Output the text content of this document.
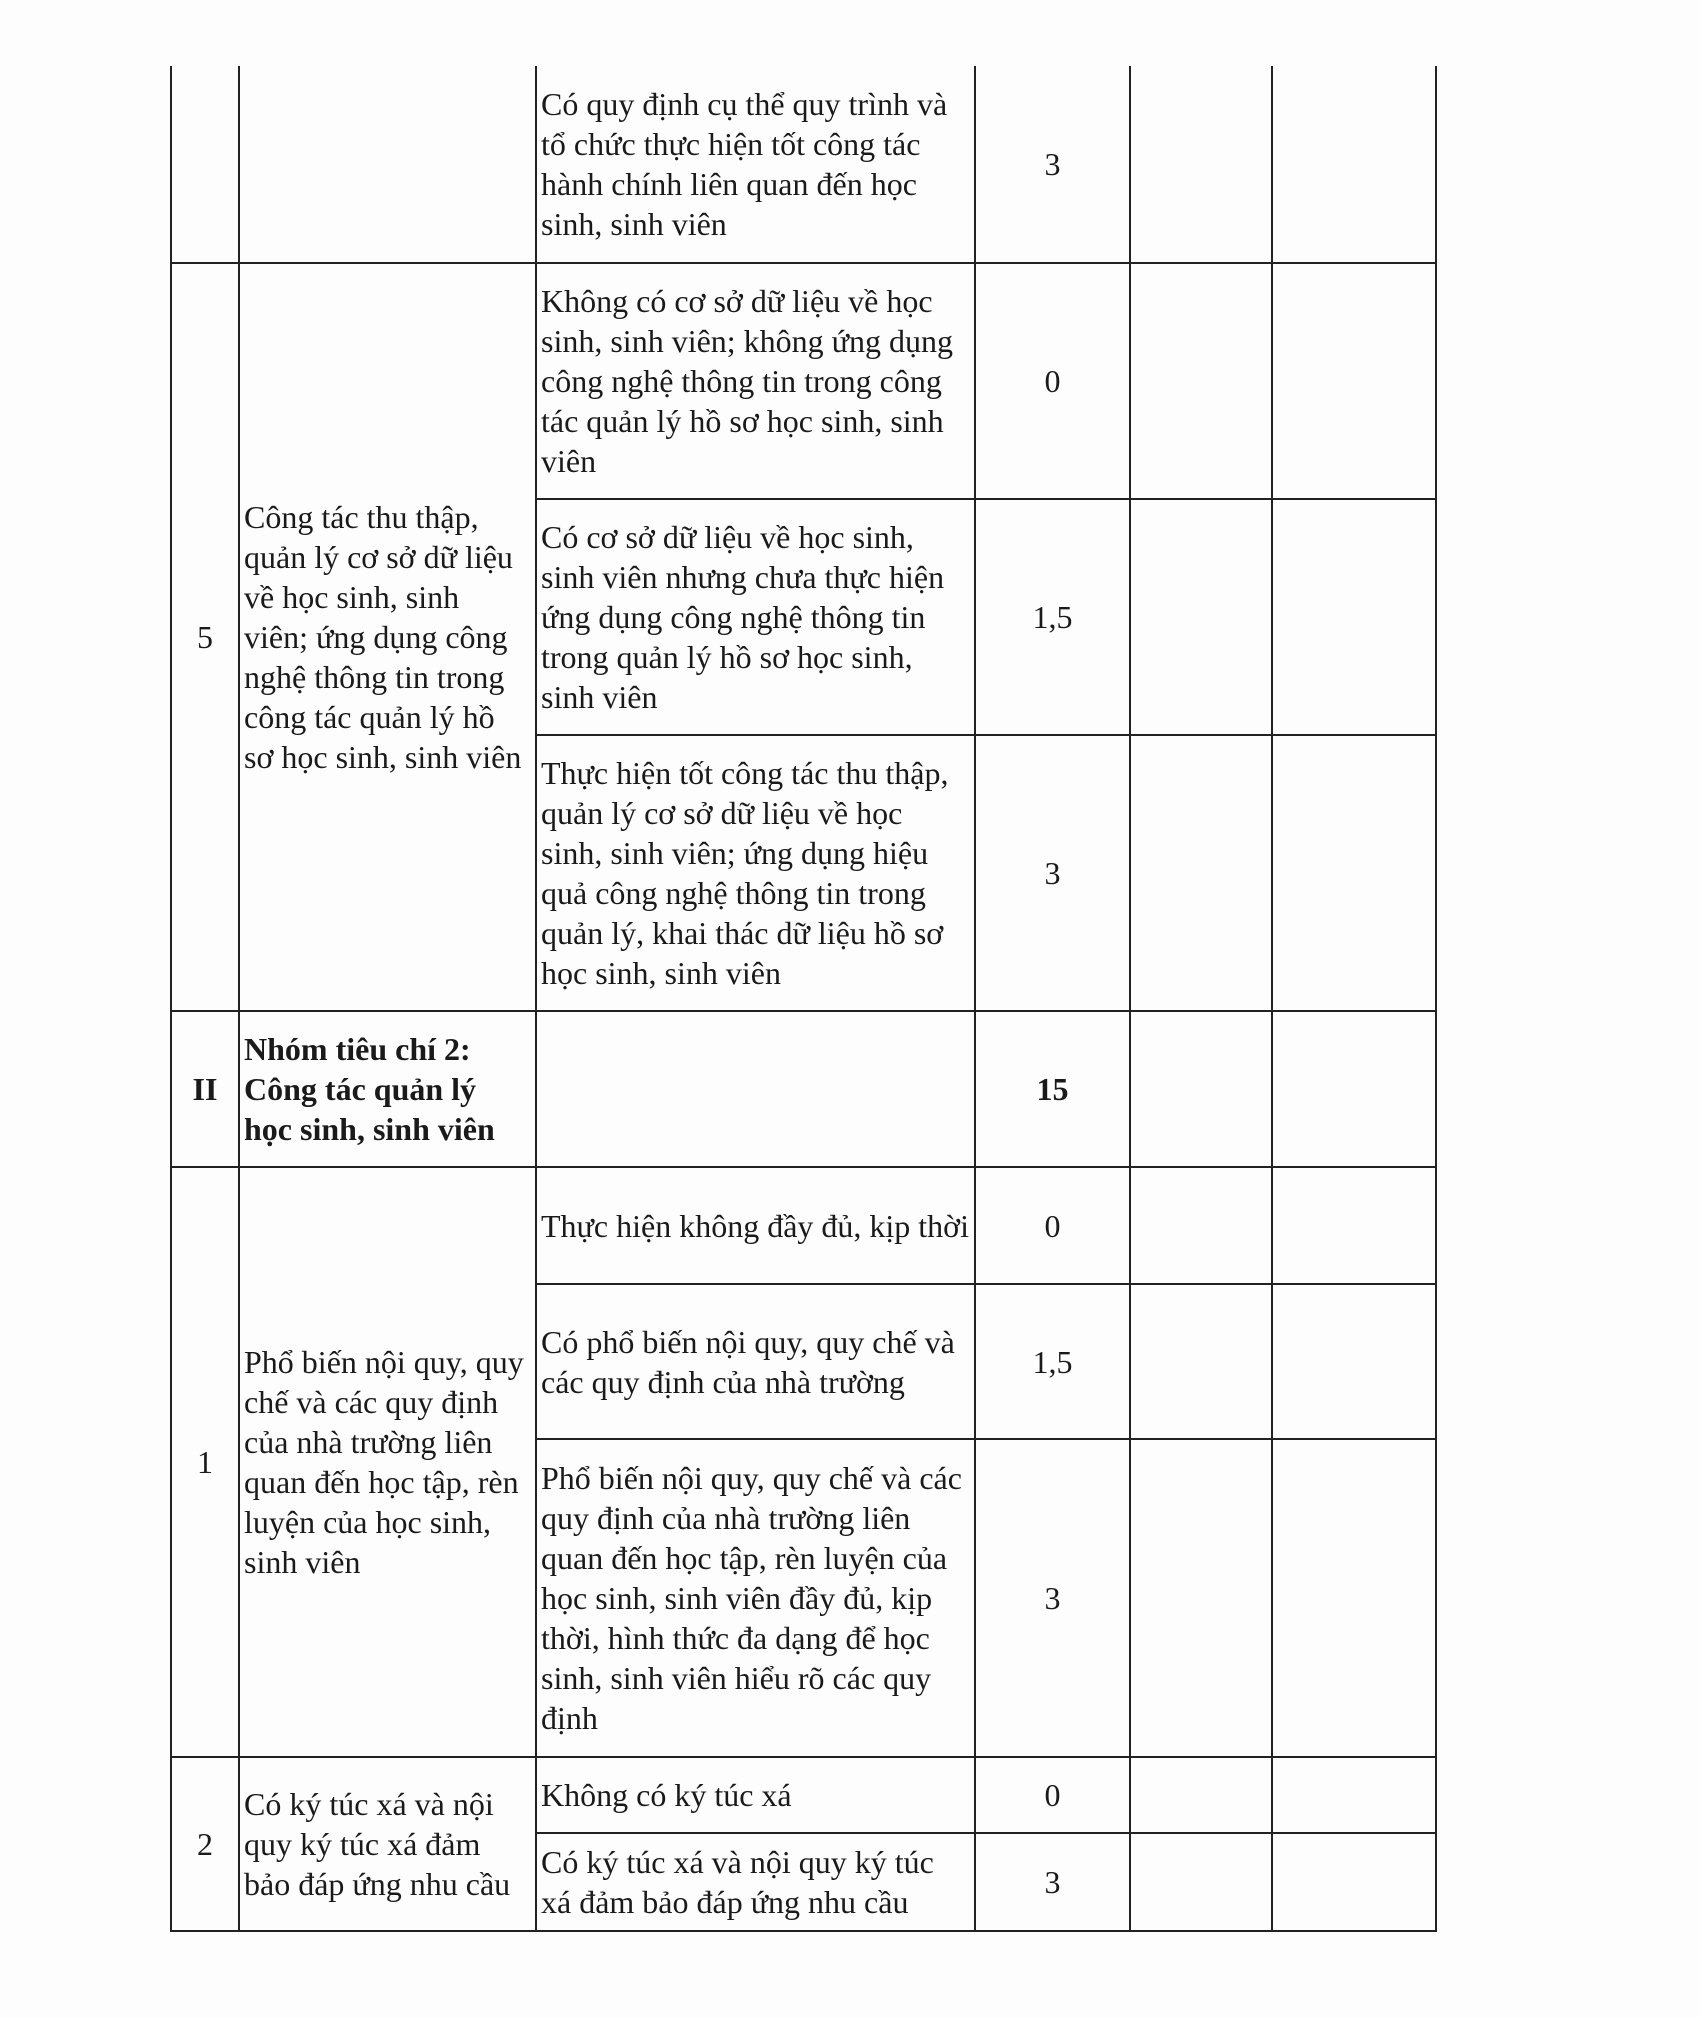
		Có quy định cụ thể quy trình và tổ chức thực hiện tốt công tác hành chính liên quan đến học sinh, sinh viên	3		
5	Công tác thu thập, quản lý cơ sở dữ liệu về học sinh, sinh viên; ứng dụng công nghệ thông tin trong công tác quản lý hồ sơ học sinh, sinh viên	Không có cơ sở dữ liệu về học sinh, sinh viên; không ứng dụng công nghệ thông tin trong công tác quản lý hồ sơ học sinh, sinh viên	0		
		Có cơ sở dữ liệu về học sinh, sinh viên nhưng chưa thực hiện ứng dụng công nghệ thông tin trong quản lý hồ sơ học sinh, sinh viên	1,5		
		Thực hiện tốt công tác thu thập, quản lý cơ sở dữ liệu về học sinh, sinh viên; ứng dụng hiệu quả công nghệ thông tin trong quản lý, khai thác dữ liệu hồ sơ học sinh, sinh viên	3		
II	Nhóm tiêu chí 2: Công tác quản lý học sinh, sinh viên		15		
1	Phổ biến nội quy, quy chế và các quy định của nhà trường liên quan đến học tập, rèn luyện của học sinh, sinh viên	Thực hiện không đầy đủ, kịp thời	0		
		Có phổ biến nội quy, quy chế và các quy định của nhà trường	1,5		
		Phổ biến nội quy, quy chế và các quy định của nhà trường liên quan đến học tập, rèn luyện của học sinh, sinh viên đầy đủ, kịp thời, hình thức đa dạng để học sinh, sinh viên hiểu rõ các quy định	3		
2	Có ký túc xá và nội quy ký túc xá đảm bảo đáp ứng nhu cầu	Không có ký túc xá	0		
		Có ký túc xá và nội quy ký túc xá đảm bảo đáp ứng nhu cầu	3		
